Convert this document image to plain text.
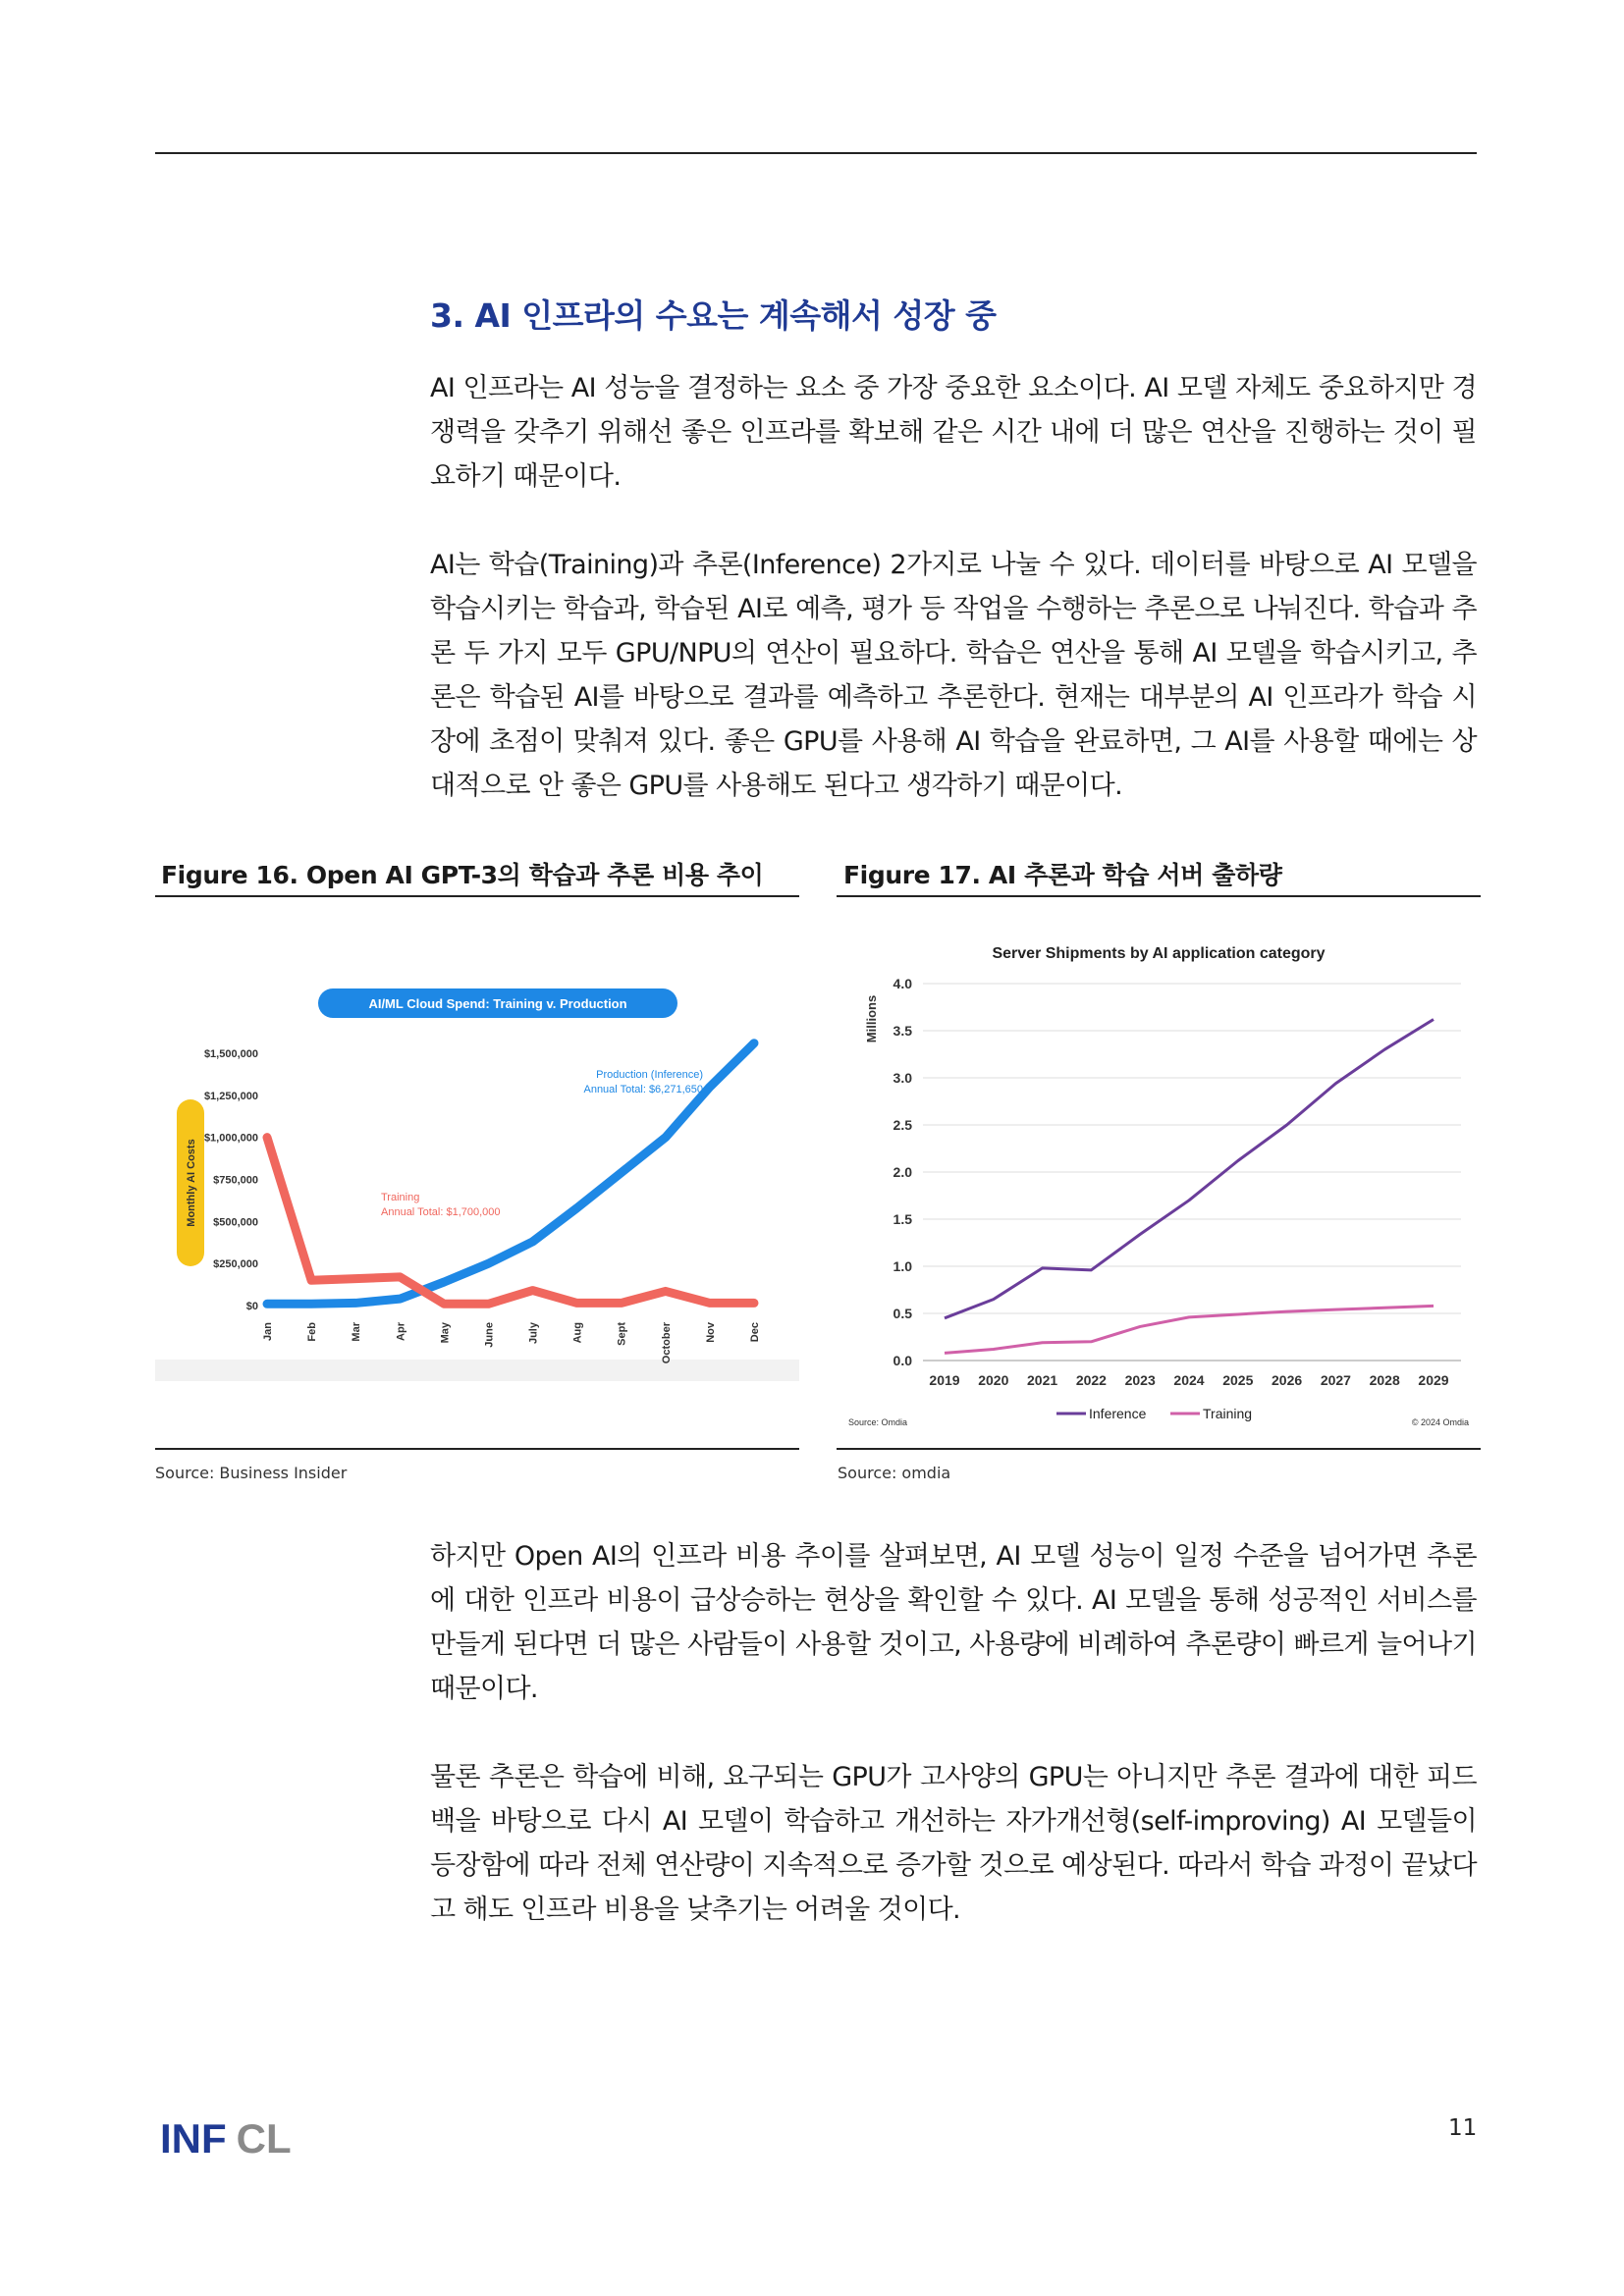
3. AI 인프라의 수요는 계속해서 성장 중

AI 인프라는 AI 성능을 결정하는 요소 중 가장 중요한 요소이다. AI 모델 자체도 중요하지만 경쟁력을 갖추기 위해선 좋은 인프라를 확보해 같은 시간 내에 더 많은 연산을 진행하는 것이 필요하기 때문이다.

AI는 학습(Training)과 추론(Inference) 2가지로 나눌 수 있다. 데이터를 바탕으로 AI 모델을 학습시키는 학습과, 학습된 AI로 예측, 평가 등 작업을 수행하는 추론으로 나눠진다. 학습과 추론 두 가지 모두 GPU/NPU의 연산이 필요하다. 학습은 연산을 통해 AI 모델을 학습시키고, 추론은 학습된 AI를 바탕으로 결과를 예측하고 추론한다. 현재는 대부분의 AI 인프라가 학습 시장에 초점이 맞춰져 있다. 좋은 GPU를 사용해 AI 학습을 완료하면, 그 AI를 사용할 때에는 상대적으로 안 좋은 GPU를 사용해도 된다고 생각하기 때문이다.

Figure 16. Open AI GPT-3의 학습과 추론 비용 추이

AI/ML Cloud Spend: Training v. Production
Monthly AI Costs
$0
$250,000
$500,000
$750,000
$1,000,000
$1,250,000
$1,500,000
Jan	Feb	Mar	Apr	May	June	July	Aug	Sept	October	Nov	Dec
Training
Annual Total: $1,700,000
Production (Inference)
Annual Total: $6,271,650

Source: Business Insider

Figure 17. AI 추론과 학습 서버 출하량

Server Shipments by AI application category
Millions
0.0
0.5
1.0
1.5
2.0
2.5
3.0
3.5
4.0
2019 2020 2021 2022 2023 2024 2025 2026 2027 2028 2029
Inference	Training
Source: Omdia	© 2024 Omdia

Source: omdia

하지만 Open AI의 인프라 비용 추이를 살펴보면, AI 모델 성능이 일정 수준을 넘어가면 추론에 대한 인프라 비용이 급상승하는 현상을 확인할 수 있다. AI 모델을 통해 성공적인 서비스를 만들게 된다면 더 많은 사람들이 사용할 것이고, 사용량에 비례하여 추론량이 빠르게 늘어나기 때문이다.

물론 추론은 학습에 비해, 요구되는 GPU가 고사양의 GPU는 아니지만 추론 결과에 대한 피드백을 바탕으로 다시 AI 모델이 학습하고 개선하는 자가개선형(self-improving) AI 모델들이 등장함에 따라 전체 연산량이 지속적으로 증가할 것으로 예상된다. 따라서 학습 과정이 끝났다고 해도 인프라 비용을 낮추기는 어려울 것이다.

INF CL	11
